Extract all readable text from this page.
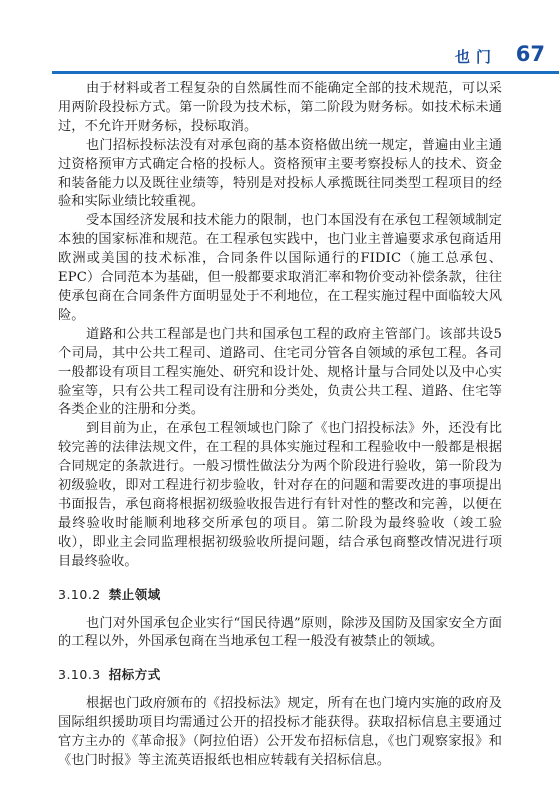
也门 67

由于材料或者工程复杂的自然属性而不能确定全部的技术规范，可以采用两阶段投标方式。第一阶段为技术标，第二阶段为财务标。如技术标未通过，不允许开财务标，投标取消。

也门招标投标法没有对承包商的基本资格做出统一规定，普遍由业主通过资格预审方式确定合格的投标人。资格预审主要考察投标人的技术、资金和装备能力以及既往业绩等，特别是对投标人承揽既往同类型工程项目的经验和实际业绩比较重视。

受本国经济发展和技术能力的限制，也门本国没有在承包工程领域制定本独的国家标准和规范。在工程承包实践中，也门业主普遍要求承包商适用欧洲或美国的技术标准，合同条件以国际通行的FIDIC（施工总承包、EPC）合同范本为基础，但一般都要求取消汇率和物价变动补偿条款，往往使承包商在合同条件方面明显处于不利地位，在工程实施过程中面临较大风险。

道路和公共工程部是也门共和国承包工程的政府主管部门。该部共设5个司局，其中公共工程司、道路司、住宅司分管各自领域的承包工程。各司一般都设有项目工程实施处、研究和设计处、规格计量与合同处以及中心实验室等，只有公共工程司设有注册和分类处，负责公共工程、道路、住宅等各类企业的注册和分类。

到目前为止，在承包工程领域也门除了《也门招投标法》外，还没有比较完善的法律法规文件，在工程的具体实施过程和工程验收中一般都是根据合同规定的条款进行。一般习惯性做法分为两个阶段进行验收，第一阶段为初级验收，即对工程进行初步验收，针对存在的问题和需要改进的事项提出书面报告，承包商将根据初级验收报告进行有针对性的整改和完善，以便在最终验收时能顺利地移交所承包的项目。第二阶段为最终验收（竣工验收），即业主会同监理根据初级验收所提问题，结合承包商整改情况进行项目最终验收。

3.10.2 禁止领域

也门对外国承包企业实行“国民待遇”原则，除涉及国防及国家安全方面的工程以外，外国承包商在当地承包工程一般没有被禁止的领域。

3.10.3 招标方式

根据也门政府颁布的《招投标法》规定，所有在也门境内实施的政府及国际组织援助项目均需通过公开的招投标才能获得。获取招标信息主要通过官方主办的《革命报》（阿拉伯语）公开发布招标信息，《也门观察家报》和《也门时报》等主流英语报纸也相应转载有关招标信息。
